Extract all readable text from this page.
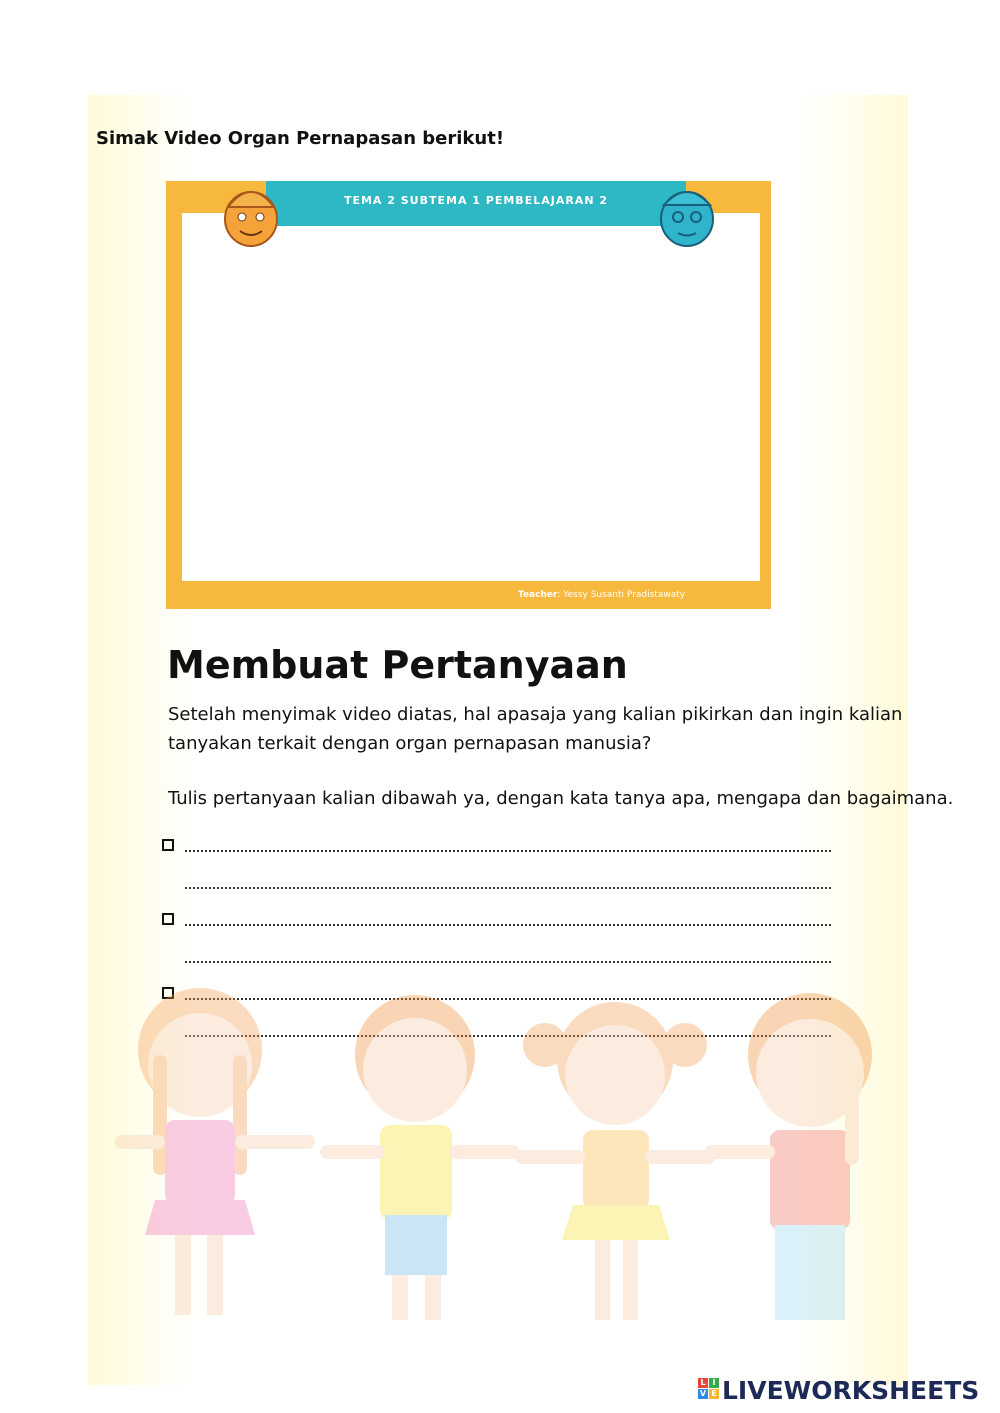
Simak Video Organ Pernapasan berikut!

TEMA 2 SUBTEMA 1 PEMBELAJARAN 2
Teacher: Yessy Susanti Pradistawaty
Membuat Pertanyaan

Setelah menyimak video diatas, hal apasaja yang kalian pikirkan dan ingin kalian tanyakan terkait dengan organ pernapasan manusia?

Tulis pertanyaan kalian dibawah ya, dengan kata tanya apa, mengapa dan bagaimana.

L I
V E LIVEWORKSHEETS
